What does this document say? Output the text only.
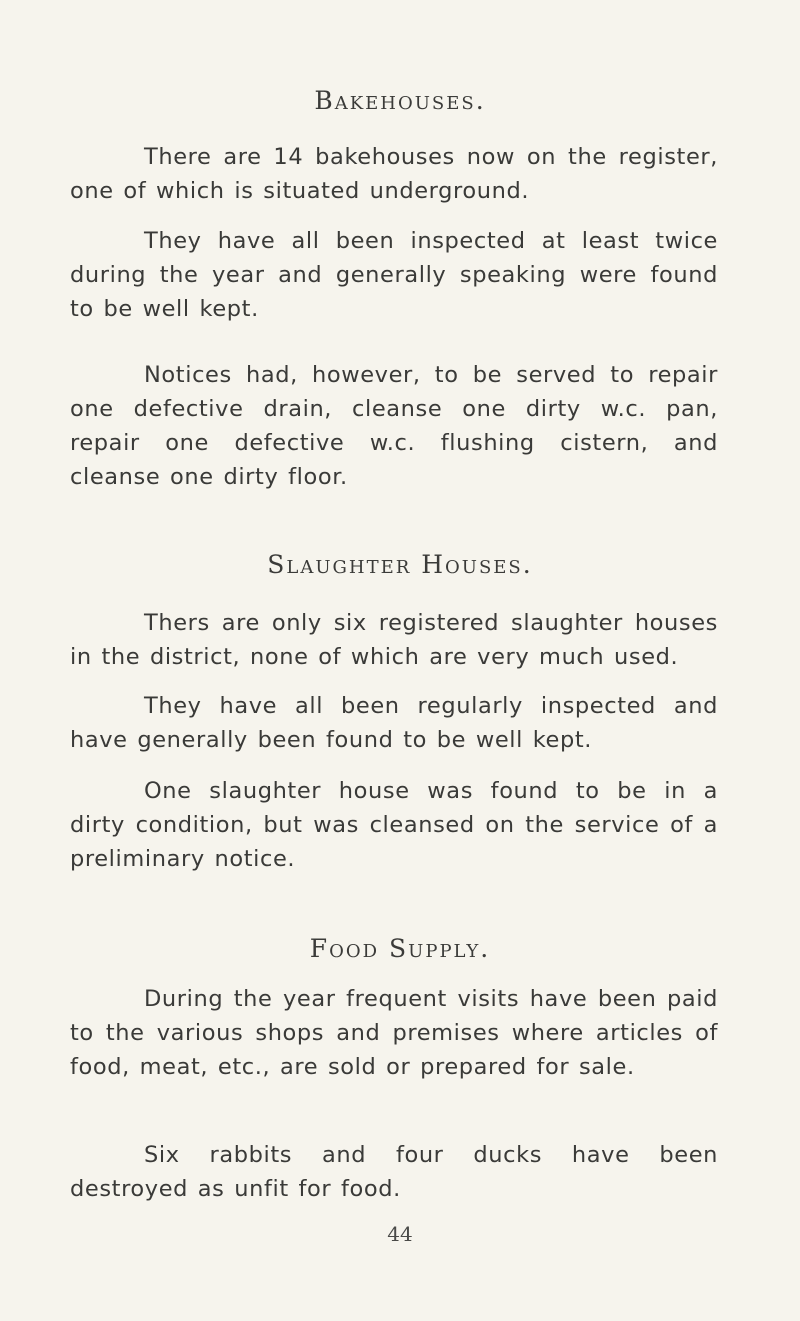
Bakehouses.

There are 14 bakehouses now on the register, one of which is situated underground.

They have all been inspected at least twice during the year and generally speaking were found to be well kept.

Notices had, however, to be served to repair one defective drain, cleanse one dirty w.c. pan, repair one defective w.c. flushing cistern, and cleanse one dirty floor.

Slaughter Houses.

Thers are only six registered slaughter houses in the district, none of which are very much used.

They have all been regularly inspected and have generally been found to be well kept.

One slaughter house was found to be in a dirty condition, but was cleansed on the service of a preliminary notice.

Food Supply.

During the year frequent visits have been paid to the various shops and premises where articles of food, meat, etc., are sold or prepared for sale.

Six rabbits and four ducks have been destroyed as unfit for food.

44
